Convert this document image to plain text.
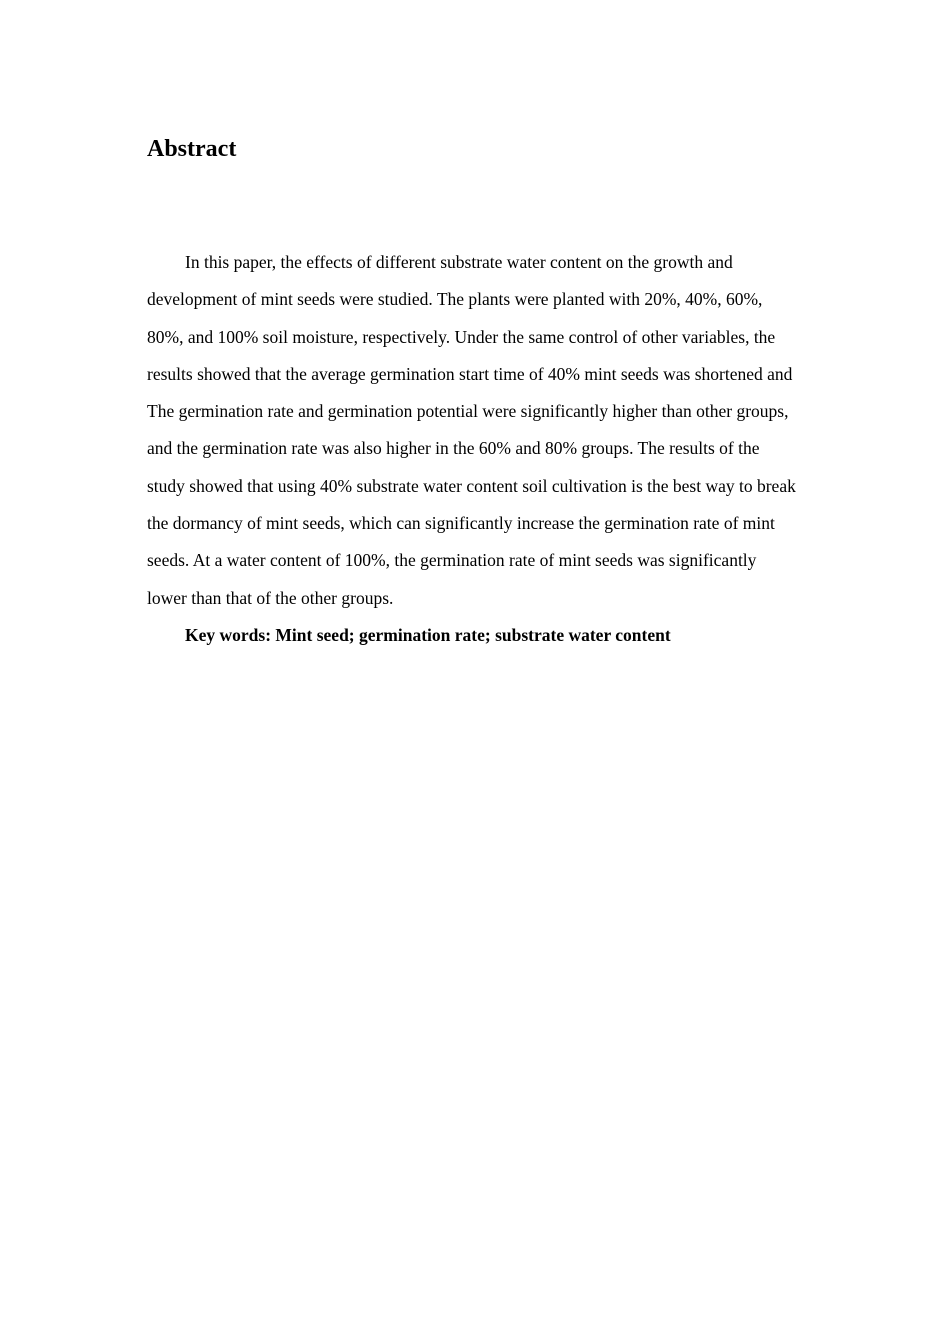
Abstract
In this paper, the effects of different substrate water content on the growth and
development of mint seeds were studied. The plants were planted with 20%, 40%, 60%,
80%, and 100% soil moisture, respectively. Under the same control of other variables, the
results showed that the average germination start time of 40% mint seeds was shortened and
The germination rate and germination potential were significantly higher than other groups,
and the germination rate was also higher in the 60% and 80% groups. The results of the
study showed that using 40% substrate water content soil cultivation is the best way to break
the dormancy of mint seeds, which can significantly increase the germination rate of mint
seeds. At a water content of 100%, the germination rate of mint seeds was significantly
lower than that of the other groups.

Key words: Mint seed; germination rate; substrate water content
